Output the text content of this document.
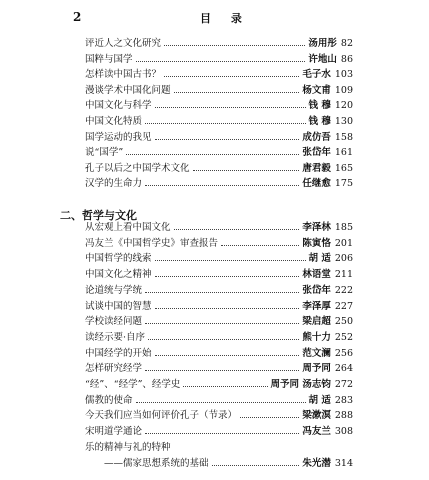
2	目 录
评近人之文化研究	汤用彤 82
国粹与国学	许地山 86
怎样读中国古书？	毛子水 103
漫谈学术中国化问题	杨文甫 109
中国文化与科学	钱 穆 120
中国文化特质	钱 穆 130
国学运动的我见	成仿吾 158
说“国学”	张岱年 161
孔子以后之中国学术文化	唐君毅 165
汉学的生命力	任继愈 175
二、哲学与文化
从宏观上看中国文化	李泽林 185
冯友兰《中国哲学史》审查报告	陈寅恪 201
中国哲学的线索	胡 适 206
中国文化之精神	林语堂 211
论道统与学统	张岱年 222
试谈中国的智慧	李泽厚 227
学校读经问题	梁启超 250
读经示要·自序	熊十力 252
中国经学的开始	范文澜 256
怎样研究经学	周予同 264
“经”、“经学”、经学史	周予同 汤志钧 272
儒教的使命	胡 适 283
今天我们应当如何评价孔子（节录）	梁漱溟 288
宋明道学通论	冯友兰 308
乐的精神与礼的特种
——儒家思想系统的基础	朱光潜 314
